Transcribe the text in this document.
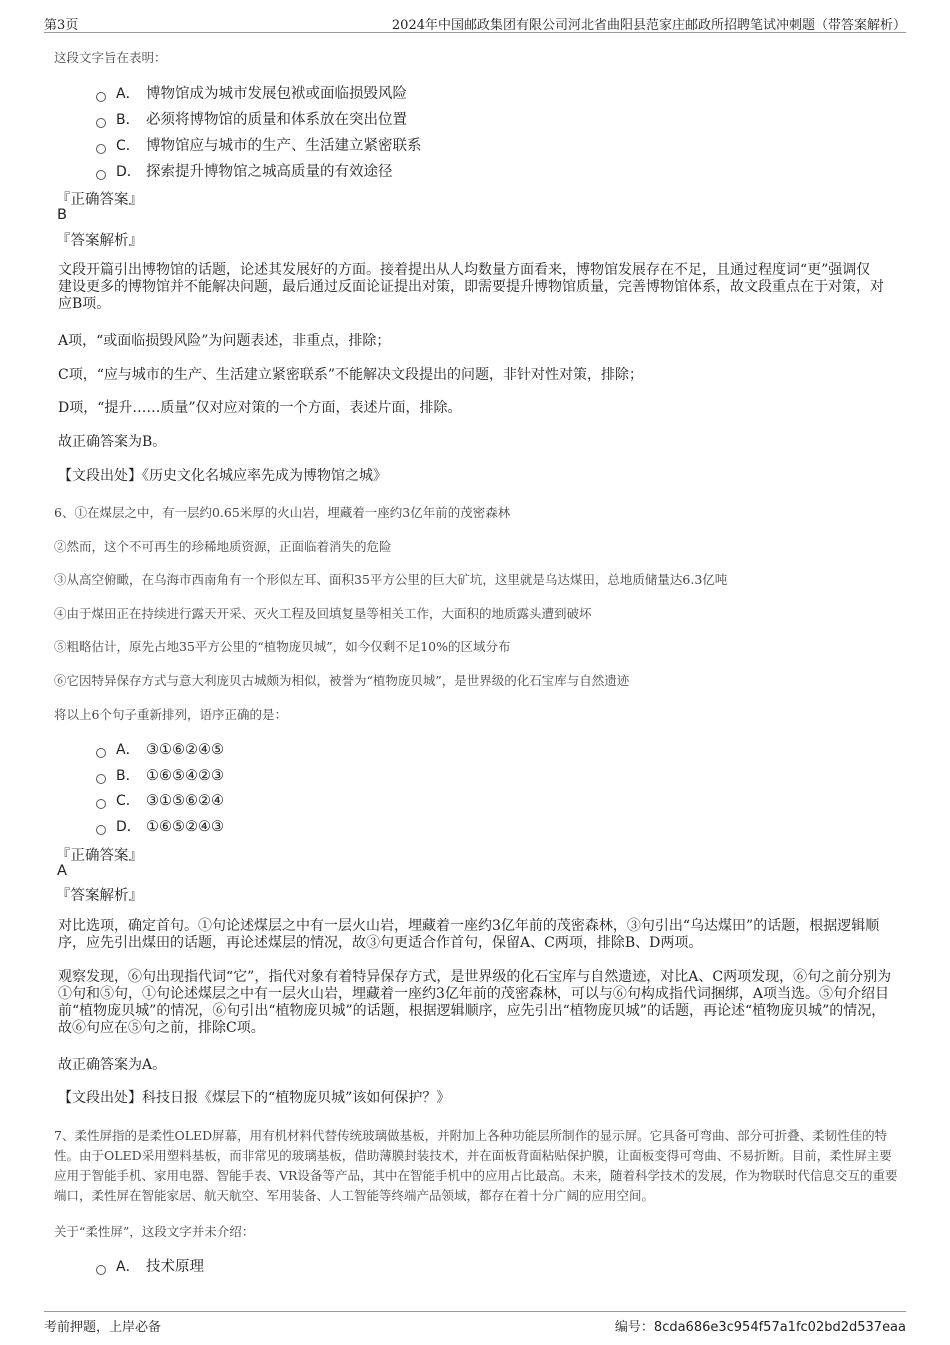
第3页	2024年中国邮政集团有限公司河北省曲阳县范家庄邮政所招聘笔试冲刺题（带答案解析）
这段文字旨在表明：
A． 博物馆成为城市发展包袱或面临损毁风险
B． 必须将博物馆的质量和体系放在突出位置
C． 博物馆应与城市的生产、生活建立紧密联系
D． 探索提升博物馆之城高质量的有效途径
『正确答案』
B
『答案解析』
文段开篇引出博物馆的话题，论述其发展好的方面。接着提出从人均数量方面看来，博物馆发展存在不足，且通过程度词“更”强调仅建设更多的博物馆并不能解决问题，最后通过反面论证提出对策，即需要提升博物馆质量，完善博物馆体系，故文段重点在于对策，对应B项。
A项，“或面临损毁风险”为问题表述，非重点，排除；
C项，“应与城市的生产、生活建立紧密联系”不能解决文段提出的问题，非针对性对策，排除；
D项，“提升……质量”仅对应对策的一个方面，表述片面，排除。
故正确答案为B。
【文段出处】《历史文化名城应率先成为博物馆之城》
6、①在煤层之中，有一层约0.65米厚的火山岩，埋藏着一座约3亿年前的茂密森林
②然而，这个不可再生的珍稀地质资源，正面临着消失的危险
③从高空俯瞰，在乌海市西南角有一个形似左耳、面积35平方公里的巨大矿坑，这里就是乌达煤田，总地质储量达6.3亿吨
④由于煤田正在持续进行露天开采、灭火工程及回填复垦等相关工作，大面积的地质露头遭到破坏
⑤粗略估计，原先占地35平方公里的“植物庞贝城”，如今仅剩不足10%的区域分布
⑥它因特异保存方式与意大利庞贝古城颇为相似，被誉为“植物庞贝城”，是世界级的化石宝库与自然遗迹
将以上6个句子重新排列，语序正确的是：
A． ③①⑥②④⑤
B． ①⑥⑤④②③
C． ③①⑤⑥②④
D． ①⑥⑤②④③
『正确答案』
A
『答案解析』
对比选项，确定首句。①句论述煤层之中有一层火山岩，埋藏着一座约3亿年前的茂密森林，③句引出“乌达煤田”的话题，根据逻辑顺序，应先引出煤田的话题，再论述煤层的情况，故③句更适合作首句，保留A、C两项，排除B、D两项。
观察发现，⑥句出现指代词“它”，指代对象有着特异保存方式，是世界级的化石宝库与自然遗迹，对比A、C两项发现，⑥句之前分别为①句和⑤句，①句论述煤层之中有一层火山岩，埋藏着一座约3亿年前的茂密森林，可以与⑥句构成指代词捆绑，A项当选。⑤句介绍目前“植物庞贝城”的情况，⑥句引出“植物庞贝城”的话题，根据逻辑顺序，应先引出“植物庞贝城”的话题，再论述“植物庞贝城”的情况，故⑥句应在⑤句之前，排除C项。
故正确答案为A。
【文段出处】科技日报《煤层下的“植物庞贝城”该如何保护？》
7、柔性屏指的是柔性OLED屏幕，用有机材料代替传统玻璃做基板，并附加上各种功能层所制作的显示屏。它具备可弯曲、部分可折叠、柔韧性佳的特性。由于OLED采用塑料基板，而非常见的玻璃基板，借助薄膜封装技术，并在面板背面粘贴保护膜，让面板变得可弯曲、不易折断。目前，柔性屏主要应用于智能手机、家用电器、智能手表、VR设备等产品，其中在智能手机中的应用占比最高。未来，随着科学技术的发展，作为物联时代信息交互的重要端口，柔性屏在智能家居、航天航空、军用装备、人工智能等终端产品领域，都存在着十分广阔的应用空间。
关于“柔性屏”，这段文字并未介绍：
A． 技术原理
考前押题，上岸必备	编号：8cda686e3c954f57a1fc02bd2d537eaa
